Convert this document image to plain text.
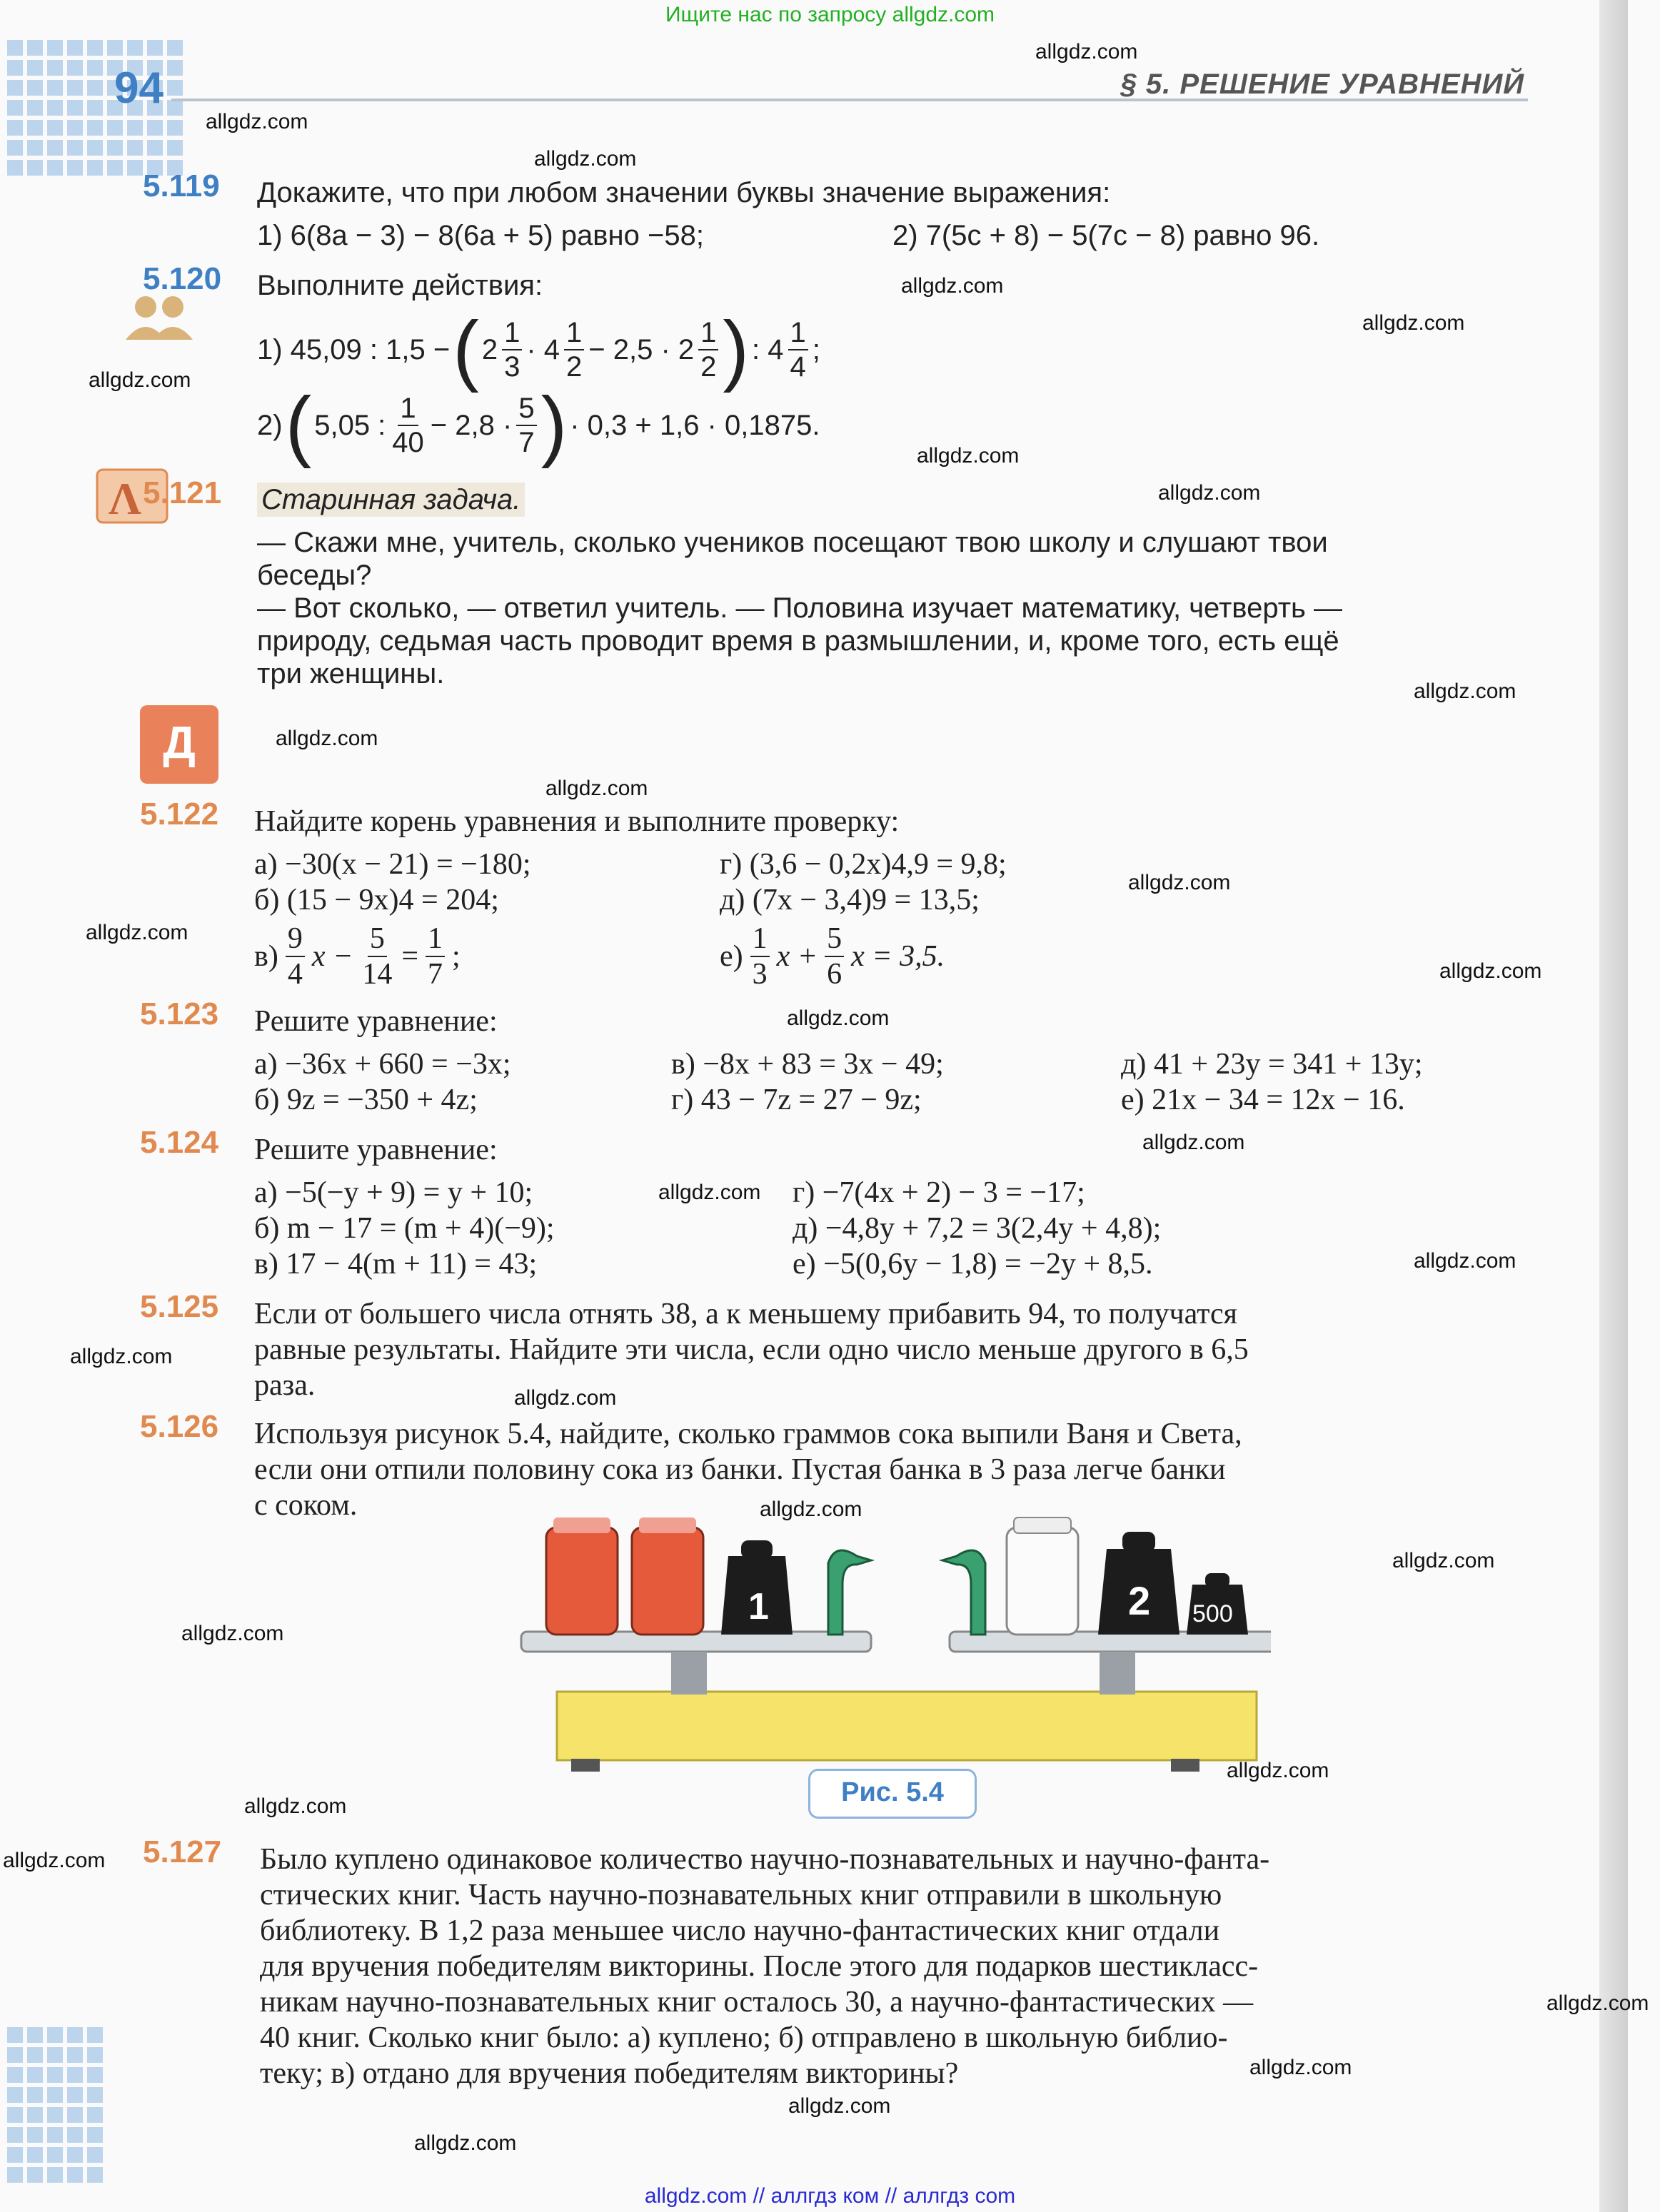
Ищите нас по запросу allgdz.com
94	§ 5. РЕШЕНИЕ УРАВНЕНИЙ
5.119 Докажите, что при любом значении буквы значение выражения:
1) 6(8a − 3) − 8(6a + 5) равно −58;	2) 7(5c + 8) − 5(7c − 8) равно 96.
5.120 Выполните действия:
1) 45,09 : 1,5 − ( $2 \frac{1}{3} \cdot 4 \frac{1}{2} - 2,5 \cdot 2 \frac{1}{2}$ ) : $4 \frac{1}{4}$ ;
2) ( 5,05 : $\frac{1}{40} - 2,8 \cdot \frac{5}{7}$ ) · 0,3 + 1,6 · 0,1875.
Λ 5.121 Старинная задача.
— Скажи мне, учитель, сколько учеников посещают твою школу и слушают твои
беседы?
— Вот сколько, — ответил учитель. — Половина изучает математику, четверть —
природу, седьмая часть проводит время в размышлении, и, кроме того, есть ещё
три женщины.
Д
5.122 Найдите корень уравнения и выполните проверку:
а) −30(x − 21) = −180;
б) (15 − 9x)4 = 204;
г) (3,6 − 0,2x)4,9 = 9,8;
д) (7x − 3,4)9 = 13,5;
$в) \frac{9}{4}$ $x - \frac{5}{14} = \frac{1}{7}$ ;	$е) \frac{1}{3}$ $x + \frac{5}{6}$ x = 3,5.
5.123 Решите уравнение:
а) −36x + 660 = −3x;
б) 9z = −350 + 4z;
в) −8x + 83 = 3x − 49;
г) 43 − 7z = 27 − 9z;
д) 41 + 23y = 341 + 13y;
е) 21x − 34 = 12x − 16.
5.124 Решите уравнение:
а) −5(−y + 9) = y + 10;
б) m − 17 = (m + 4)(−9);
в) 17 − 4(m + 11) = 43;
г) −7(4x + 2) − 3 = −17;
д) −4,8y + 7,2 = 3(2,4y + 4,8);
е) −5(0,6y − 1,8) = −2y + 8,5.
5.125 Если от большего числа отнять 38, а к меньшему прибавить 94, то получатся
равные результаты. Найдите эти числа, если одно число меньше другого в 6,5
раза.
5.126 Используя рисунок 5.4, найдите, сколько граммов сока выпили Ваня и Света,
если они отпили половину сока из банки. Пустая банка в 3 раза легче банки
с соком.
1	2 500
Рис. 5.4
5.127 Было куплено одинаковое количество научно-познавательных и научно-фанта-
стических книг. Часть научно-познавательных книг отправили в школьную
библиотеку. В 1,2 раза меньшее число научно-фантастических книг отдали
для вручения победителям викторины. После этого для подарков шестикласс-
никам научно-познавательных книг осталось 30, а научно-фантастических —
40 книг. Сколько книг было: а) куплено; б) отправлено в школьную библио-
теку; в) отдано для вручения победителям викторины?
allgdz.com
allgdz.com
allgdz.com
allgdz.com
allgdz.com
allgdz.com
allgdz.com
allgdz.com
allgdz.com
allgdz.com
allgdz.com
allgdz.com
allgdz.com
allgdz.com
allgdz.com
allgdz.com
allgdz.com
allgdz.com
allgdz.com
allgdz.com
allgdz.com
allgdz.com
allgdz.com
allgdz.com
allgdz.com
allgdz.com
allgdz.com
allgdz.com
allgdz.com
allgdz.com
allgdz.com // аллгдз ком // аллгдз com
